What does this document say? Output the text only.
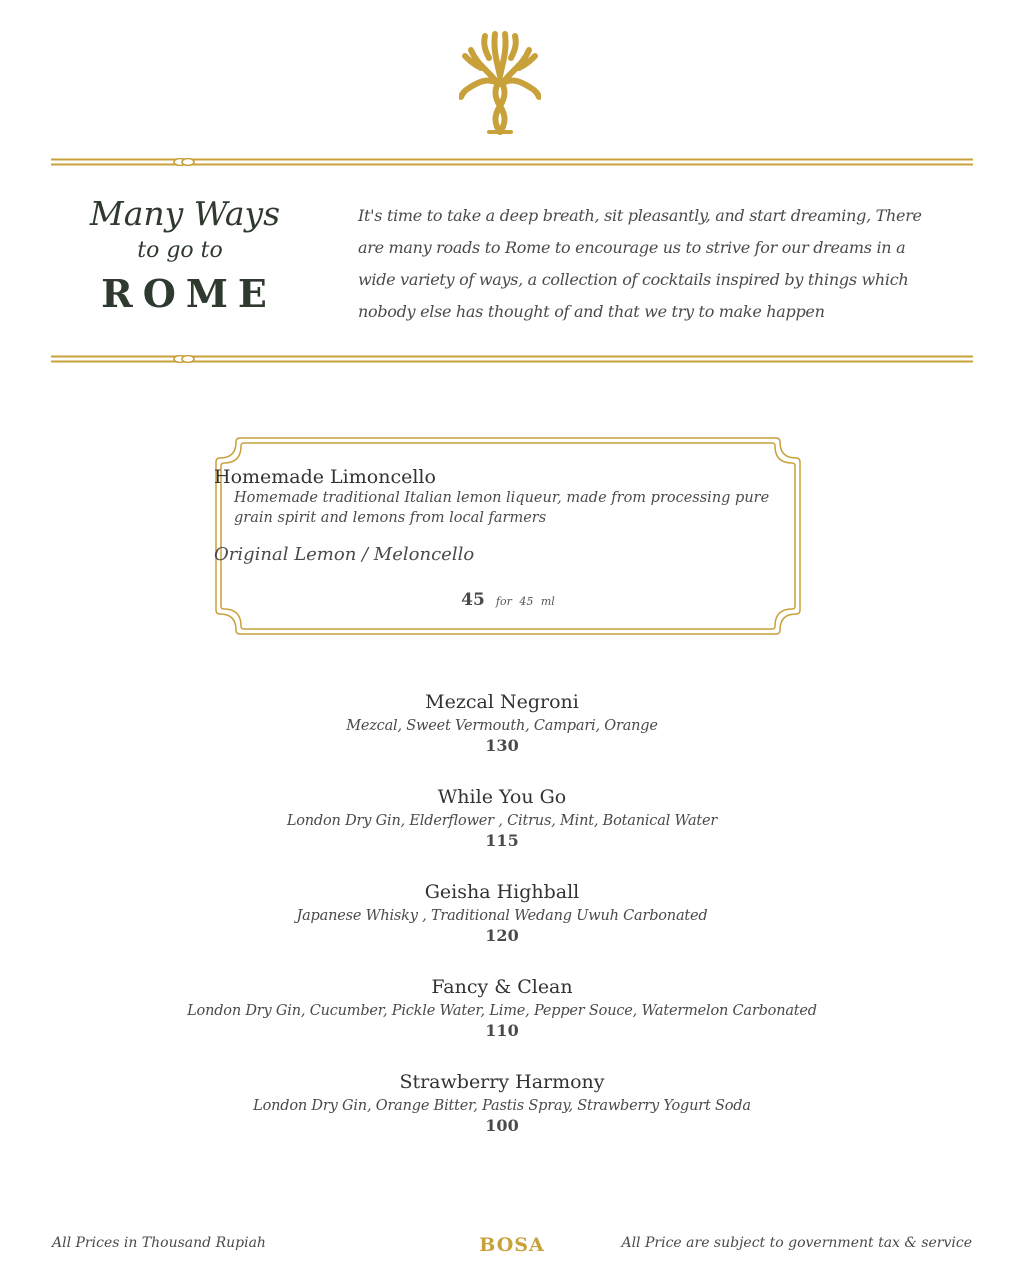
Many Ways
to go to
ROME
It's time to take a deep breath, sit pleasantly, and start dreaming, There are many roads to Rome to encourage us to strive for our dreams in a wide variety of ways, a collection of cocktails inspired by things which nobody else has thought of and that we try to make happen
Homemade Limoncello
Homemade traditional Italian lemon liqueur, made from processing pure grain spirit and lemons from local farmers
Original Lemon / Meloncello
45 for 45 ml
Mezcal Negroni
Mezcal, Sweet Vermouth, Campari, Orange
130
While You Go
London Dry Gin, Elderflower , Citrus, Mint, Botanical Water
115
Geisha Highball
Japanese Whisky , Traditional Wedang Uwuh Carbonated
120
Fancy & Clean
London Dry Gin, Cucumber, Pickle Water, Lime, Pepper Souce, Watermelon Carbonated
110
Strawberry Harmony
London Dry Gin, Orange Bitter, Pastis Spray, Strawberry Yogurt Soda
100
All Prices in Thousand Rupiah	BOSA	All Price are subject to government tax & service
